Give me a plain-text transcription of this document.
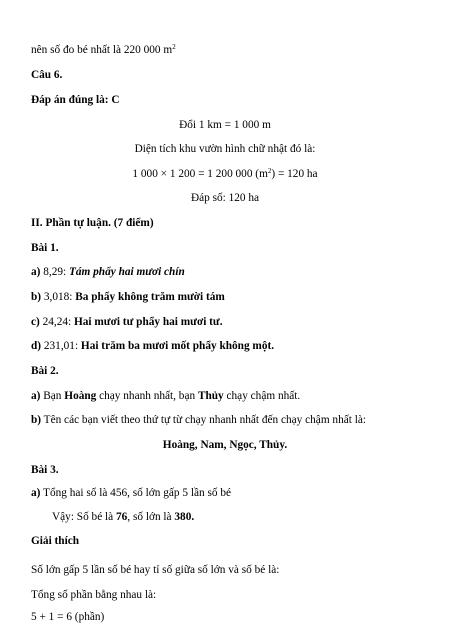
nên số đo bé nhất là 220 000 $m^2$
Câu 6.
Đáp án đúng là: C
Đổi 1 km = 1 000 m
Diện tích khu vườn hình chữ nhật đó là:
1 000 × 1 200 = 1 200 000 $(m^2) = 120$ ha
Đáp số: 120 ha
II. Phần tự luận. (7 điểm)
Bài 1.
a) 8,29: Tám phẩy hai mươi chín
b) 3,018: Ba phẩy không trăm mười tám
c) 24,24: Hai mươi tư phẩy hai mươi tư.
d) 231,01: Hai trăm ba mươi mốt phẩy không một.
Bài 2.
a) Bạn Hoàng chạy nhanh nhất, bạn Thủy chạy chậm nhất.
b) Tên các bạn viết theo thứ tự từ chạy nhanh nhất đến chạy chậm nhất là:
Hoàng, Nam, Ngọc, Thủy.
Bài 3.
a) Tổng hai số là 456, số lớn gấp 5 lần số bé
Vậy: Số bé là 76, số lớn là 380.
Giải thích
Số lớn gấp 5 lần số bé hay tỉ số giữa số lớn và số bé là:
Tổng số phần bằng nhau là:
5 + 1 = 6 (phần)
